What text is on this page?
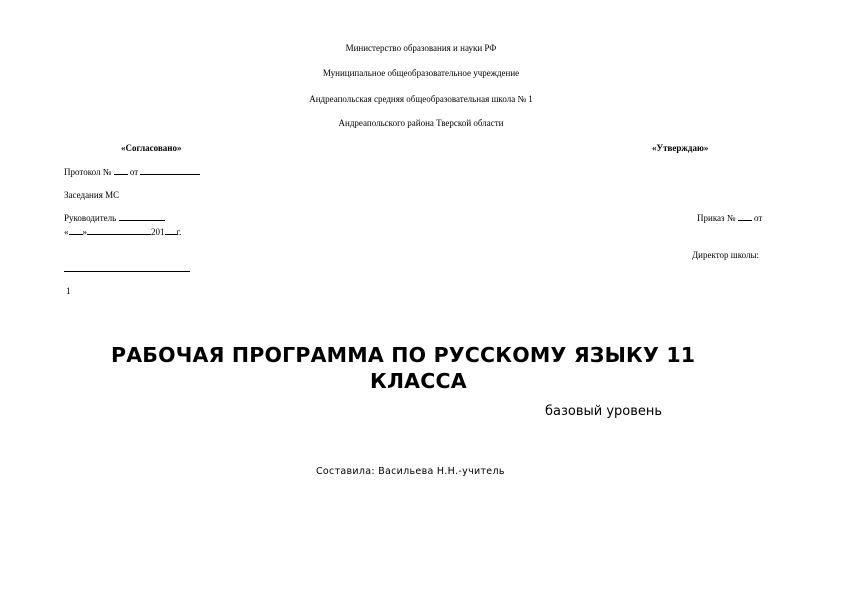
Министерство образования и науки РФ
Муниципальное общеобразовательное учреждение
Андреапольская средняя общеобразовательная школа № 1
Андреапольского района Тверской области
«Согласовано»	«Утверждаю»
Протокол № от
Заседания МС
Руководитель
« »	201 г.
Приказ № от
Директор школы:
1
РАБОЧАЯ ПРОГРАММА ПО РУССКОМУ ЯЗЫКУ 11
КЛАССА
базовый уровень
Составила: Васильева Н.Н.-учитель
